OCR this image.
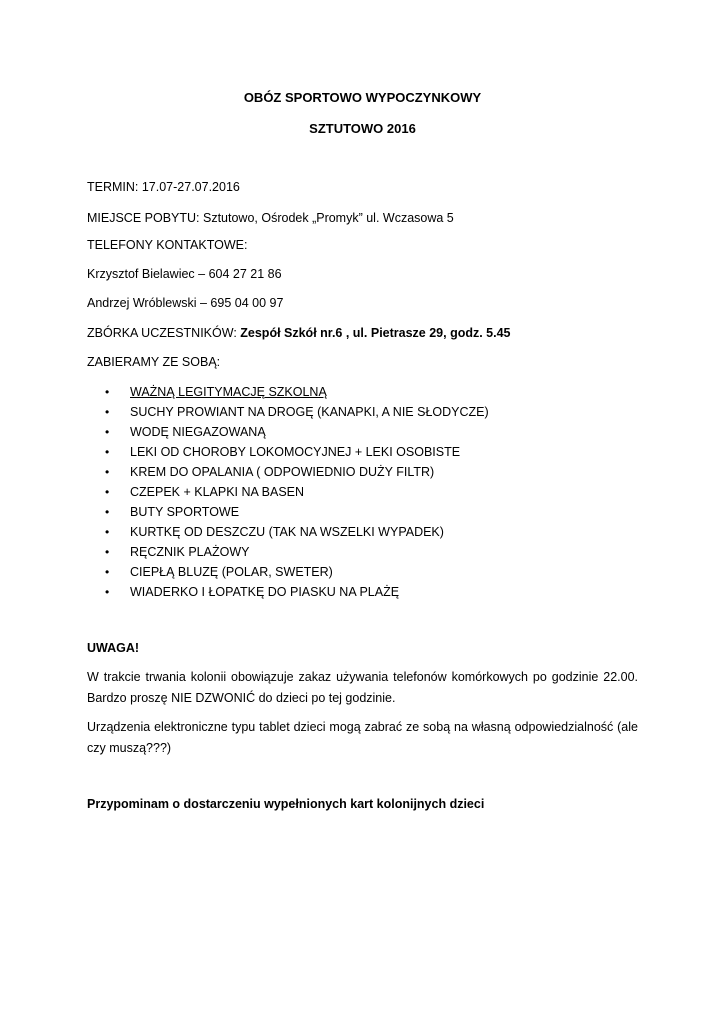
OBÓZ SPORTOWO WYPOCZYNKOWY
SZTUTOWO 2016
TERMIN: 17.07-27.07.2016
MIEJSCE POBYTU: Sztutowo, Ośrodek „Promyk” ul. Wczasowa 5
TELEFONY KONTAKTOWE:
Krzysztof Bielawiec – 604 27 21 86
Andrzej Wróblewski – 695 04 00 97
ZBÓRKA UCZESTNIKÓW: Zespół Szkół nr.6 , ul. Pietrasze 29, godz. 5.45
ZABIERAMY ZE SOBĄ:
• WAŻNĄ LEGITYMACJĘ SZKOLNĄ
• SUCHY PROWIANT NA DROGĘ (KANAPKI, A NIE SŁODYCZE)
• WODĘ NIEGAZOWANĄ
• LEKI OD CHOROBY LOKOMOCYJNEJ + LEKI OSOBISTE
• KREM DO OPALANIA ( ODPOWIEDNIO DUŻY FILTR)
• CZEPEK + KLAPKI NA BASEN
• BUTY SPORTOWE
• KURTKĘ OD DESZCZU (TAK NA WSZELKI WYPADEK)
• RĘCZNIK PLAŻOWY
• CIEPŁĄ BLUZĘ (POLAR, SWETER)
• WIADERKO I ŁOPATKĘ DO PIASKU NA PLAŻĘ
UWAGA!
W trakcie trwania kolonii obowiązuje zakaz używania telefonów komórkowych po godzinie 22.00. Bardzo proszę NIE DZWONIĆ do dzieci po tej godzinie.
Urządzenia elektroniczne typu tablet dzieci mogą zabrać ze sobą na własną odpowiedzialność (ale czy muszą???)
Przypominam o dostarczeniu wypełnionych kart kolonijnych dzieci
